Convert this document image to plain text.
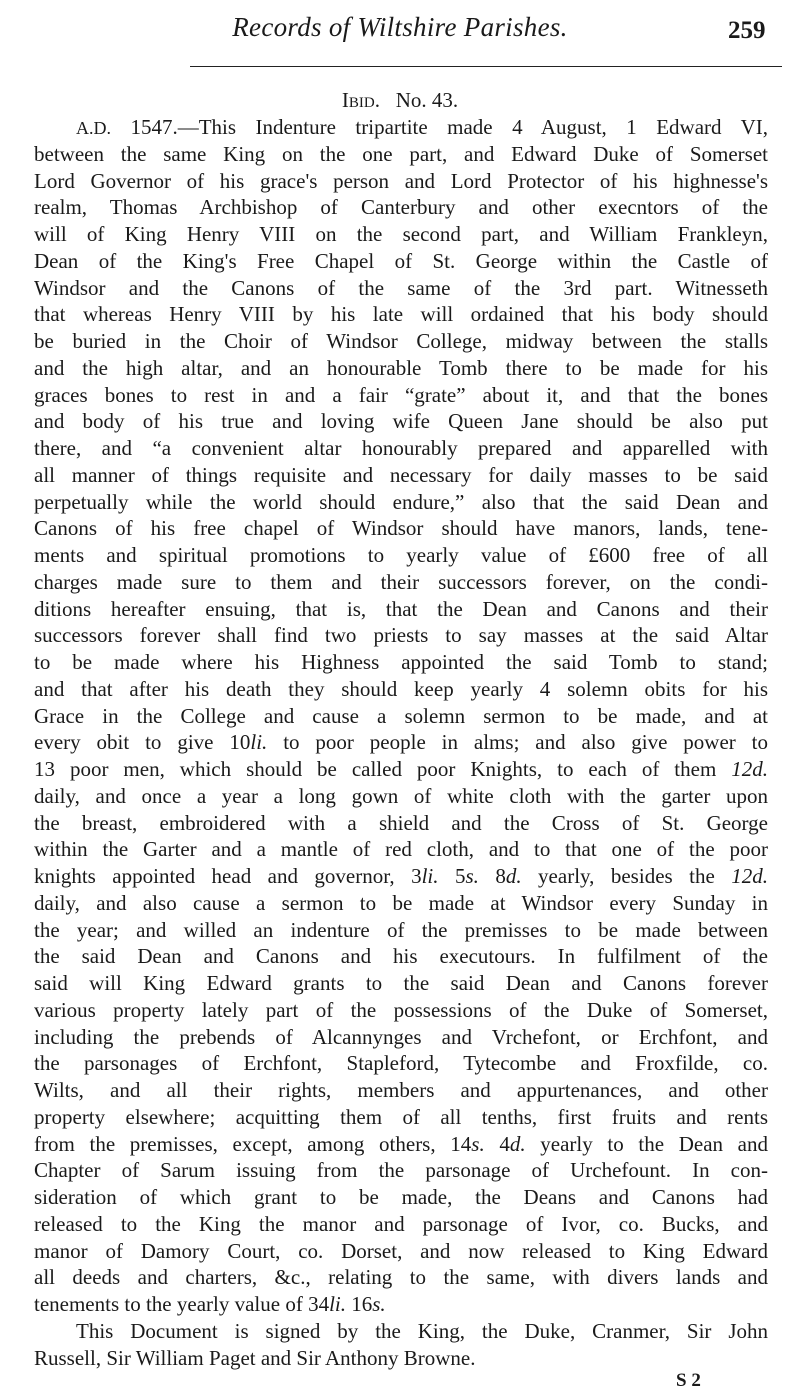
Records of Wiltshire Parishes.	259
Ibid. No. 43.
A.D. 1547.—This Indenture tripartite made 4 August, 1 Edward VI,
between the same King on the one part, and Edward Duke of Somerset
Lord Governor of his grace's person and Lord Protector of his highnesse's
realm, Thomas Archbishop of Canterbury and other execntors of the
will of King Henry VIII on the second part, and William Frankleyn,
Dean of the King's Free Chapel of St. George within the Castle of
Windsor and the Canons of the same of the 3rd part. Witnesseth
that whereas Henry VIII by his late will ordained that his body should
be buried in the Choir of Windsor College, midway between the stalls
and the high altar, and an honourable Tomb there to be made for his
graces bones to rest in and a fair “grate” about it, and that the bones
and body of his true and loving wife Queen Jane should be also put
there, and “a convenient altar honourably prepared and apparelled with
all manner of things requisite and necessary for daily masses to be said
perpetually while the world should endure,” also that the said Dean and
Canons of his free chapel of Windsor should have manors, lands, tene-
ments and spiritual promotions to yearly value of £600 free of all
charges made sure to them and their successors forever, on the condi-
ditions hereafter ensuing, that is, that the Dean and Canons and their
successors forever shall find two priests to say masses at the said Altar
to be made where his Highness appointed the said Tomb to stand;
and that after his death they should keep yearly 4 solemn obits for his
Grace in the College and cause a solemn sermon to be made, and at
every obit to give 10li. to poor people in alms; and also give power to
13 poor men, which should be called poor Knights, to each of them 12d.
daily, and once a year a long gown of white cloth with the garter upon
the breast, embroidered with a shield and the Cross of St. George
within the Garter and a mantle of red cloth, and to that one of the poor
knights appointed head and governor, 3li. 5s. 8d. yearly, besides the 12d.
daily, and also cause a sermon to be made at Windsor every Sunday in
the year; and willed an indenture of the premisses to be made between
the said Dean and Canons and his executours. In fulfilment of the
said will King Edward grants to the said Dean and Canons forever
various property lately part of the possessions of the Duke of Somerset,
including the prebends of Alcannynges and Vrchefont, or Erchfont, and
the parsonages of Erchfont, Stapleford, Tytecombe and Froxfilde, co.
Wilts, and all their rights, members and appurtenances, and other
property elsewhere; acquitting them of all tenths, first fruits and rents
from the premisses, except, among others, 14s. 4d. yearly to the Dean and
Chapter of Sarum issuing from the parsonage of Urchefount. In con-
sideration of which grant to be made, the Deans and Canons had
released to the King the manor and parsonage of Ivor, co. Bucks, and
manor of Damory Court, co. Dorset, and now released to King Edward
all deeds and charters, &c., relating to the same, with divers lands and
tenements to the yearly value of 34li. 16s.
This Document is signed by the King, the Duke, Cranmer, Sir John
Russell, Sir William Paget and Sir Anthony Browne.
S 2
